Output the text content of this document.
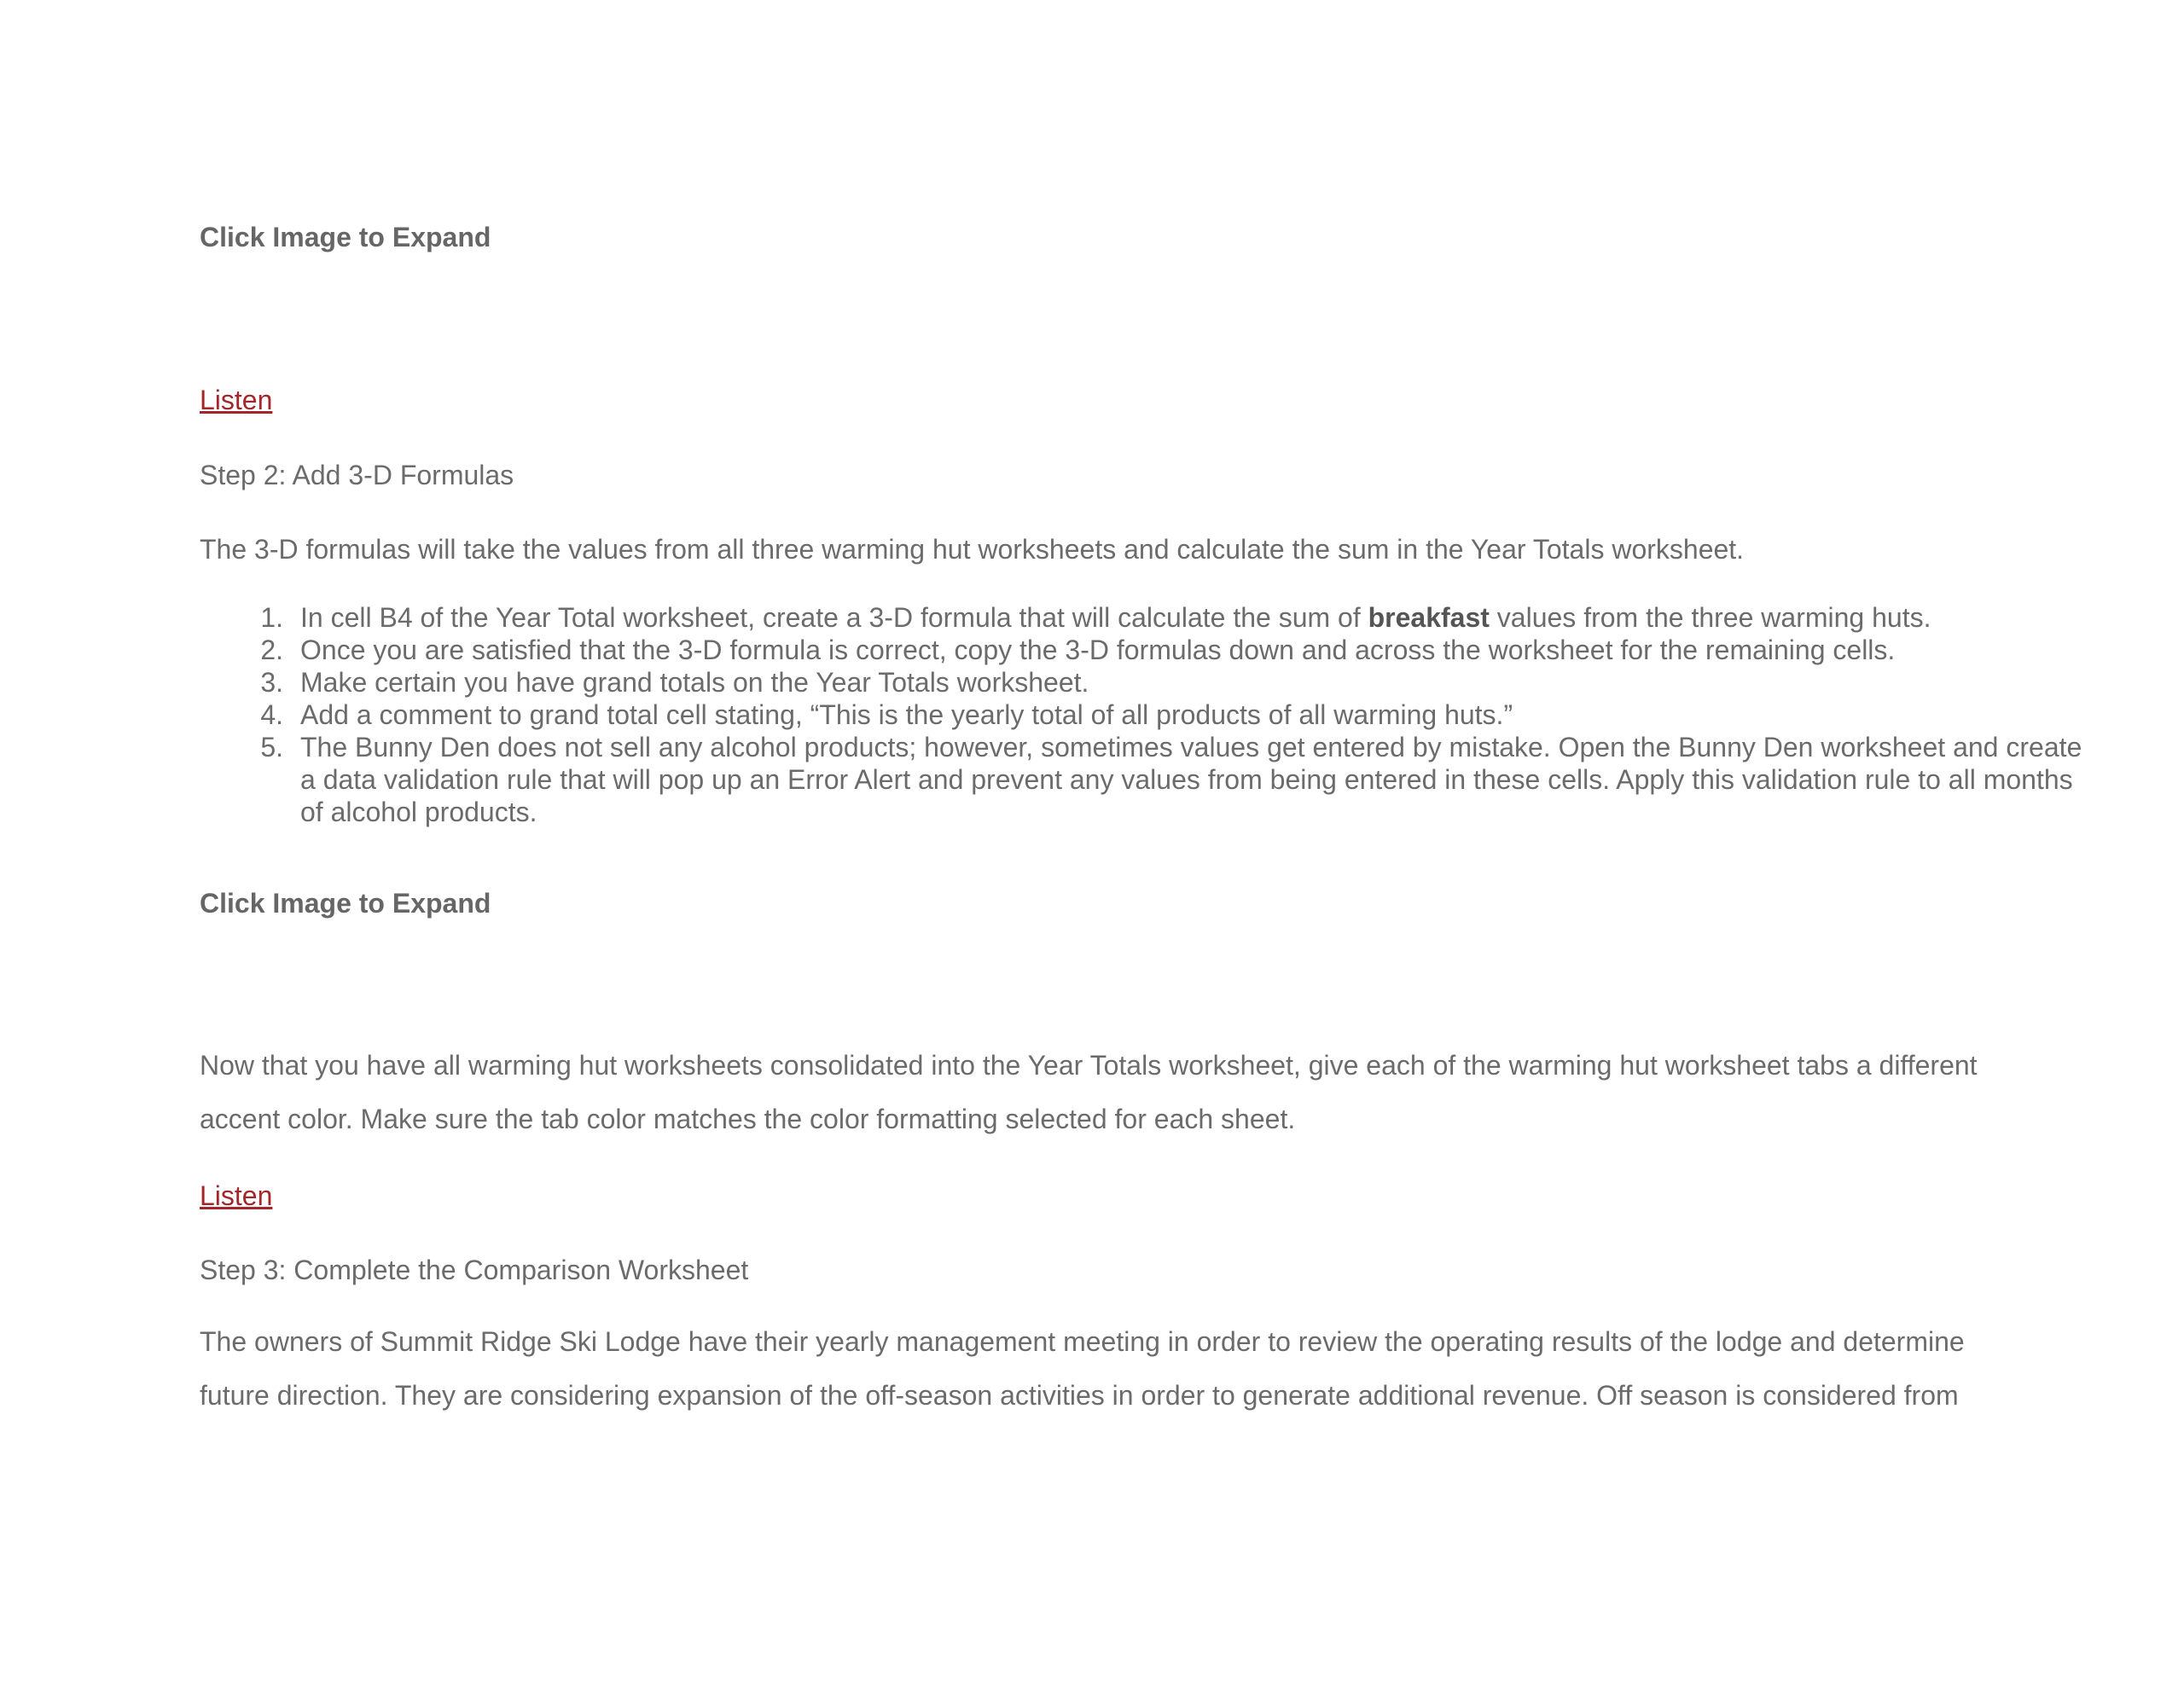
Click Image to Expand
Listen
Step 2: Add 3-D Formulas
The 3-D formulas will take the values from all three warming hut worksheets and calculate the sum in the Year Totals worksheet.
In cell B4 of the Year Total worksheet, create a 3-D formula that will calculate the sum of breakfast values from the three warming huts.
Once you are satisfied that the 3-D formula is correct, copy the 3-D formulas down and across the worksheet for the remaining cells.
Make certain you have grand totals on the Year Totals worksheet.
Add a comment to grand total cell stating, “This is the yearly total of all products of all warming huts.”
The Bunny Den does not sell any alcohol products; however, sometimes values get entered by mistake. Open the Bunny Den worksheet and create a data validation rule that will pop up an Error Alert and prevent any values from being entered in these cells. Apply this validation rule to all months of alcohol products.
Click Image to Expand
Now that you have all warming hut worksheets consolidated into the Year Totals worksheet, give each of the warming hut worksheet tabs a different accent color. Make sure the tab color matches the color formatting selected for each sheet.
Listen
Step 3: Complete the Comparison Worksheet
The owners of Summit Ridge Ski Lodge have their yearly management meeting in order to review the operating results of the lodge and determine future direction. They are considering expansion of the off-season activities in order to generate additional revenue. Off season is considered from
